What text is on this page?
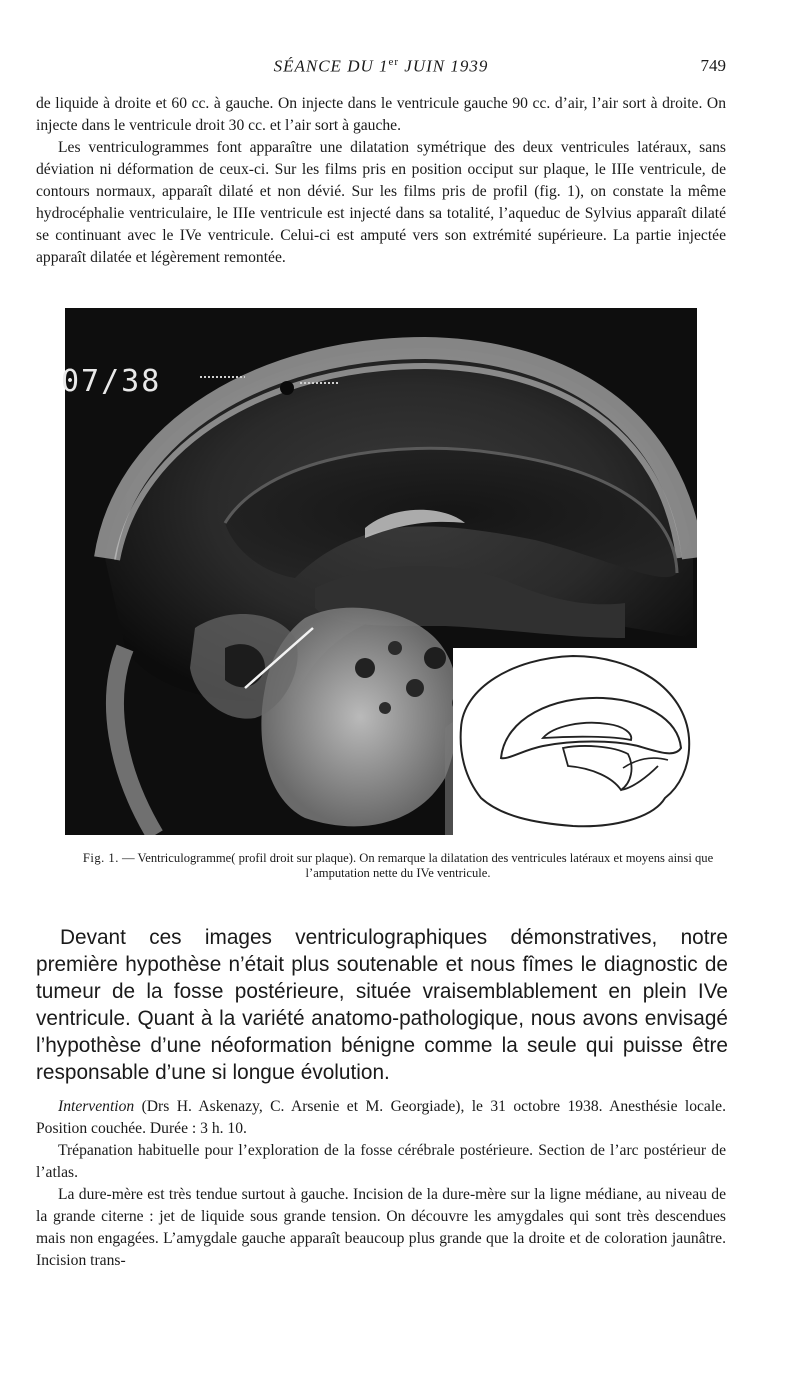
SÉANCE DU 1er JUIN 1939	749

de liquide à droite et 60 cc. à gauche. On injecte dans le ventricule gauche 90 cc. d’air, l’air sort à droite. On injecte dans le ventricule droit 30 cc. et l’air sort à gauche.

Les ventriculogrammes font apparaître une dilatation symétrique des deux ventricules latéraux, sans déviation ni déformation de ceux-ci. Sur les films pris en position occiput sur plaque, le IIIe ventricule, de contours normaux, apparaît dilaté et non dévié. Sur les films pris de profil (fig. 1), on constate la même hydrocéphalie ventriculaire, le IIIe ventricule est injecté dans sa totalité, l’aqueduc de Sylvius apparaît dilaté se continuant avec le IVe ventricule. Celui-ci est amputé vers son extrémité supérieure. La partie injectée apparaît dilatée et légèrement remontée.

07/38
Fig. 1. — Ventriculogramme( profil droit sur plaque). On remarque la dilatation des ventricules latéraux et moyens ainsi que l’amputation nette du IVe ventricule.

Devant ces images ventriculographiques démonstratives, notre première hypothèse n’était plus soutenable et nous fîmes le diagnostic de tumeur de la fosse postérieure, située vraisemblablement en plein IVe ventricule. Quant à la variété anatomo-pathologique, nous avons envisagé l’hypothèse d’une néoformation bénigne comme la seule qui puisse être responsable d’une si longue évolution.

Intervention (Drs H. Askenazy, C. Arsenie et M. Georgiade), le 31 octobre 1938. Anesthésie locale. Position couchée. Durée : 3 h. 10.

Trépanation habituelle pour l’exploration de la fosse cérébrale postérieure. Section de l’arc postérieur de l’atlas.

La dure-mère est très tendue surtout à gauche. Incision de la dure-mère sur la ligne médiane, au niveau de la grande citerne : jet de liquide sous grande tension. On découvre les amygdales qui sont très descendues mais non engagées. L’amygdale gauche apparaît beaucoup plus grande que la droite et de coloration jaunâtre. Incision trans-
